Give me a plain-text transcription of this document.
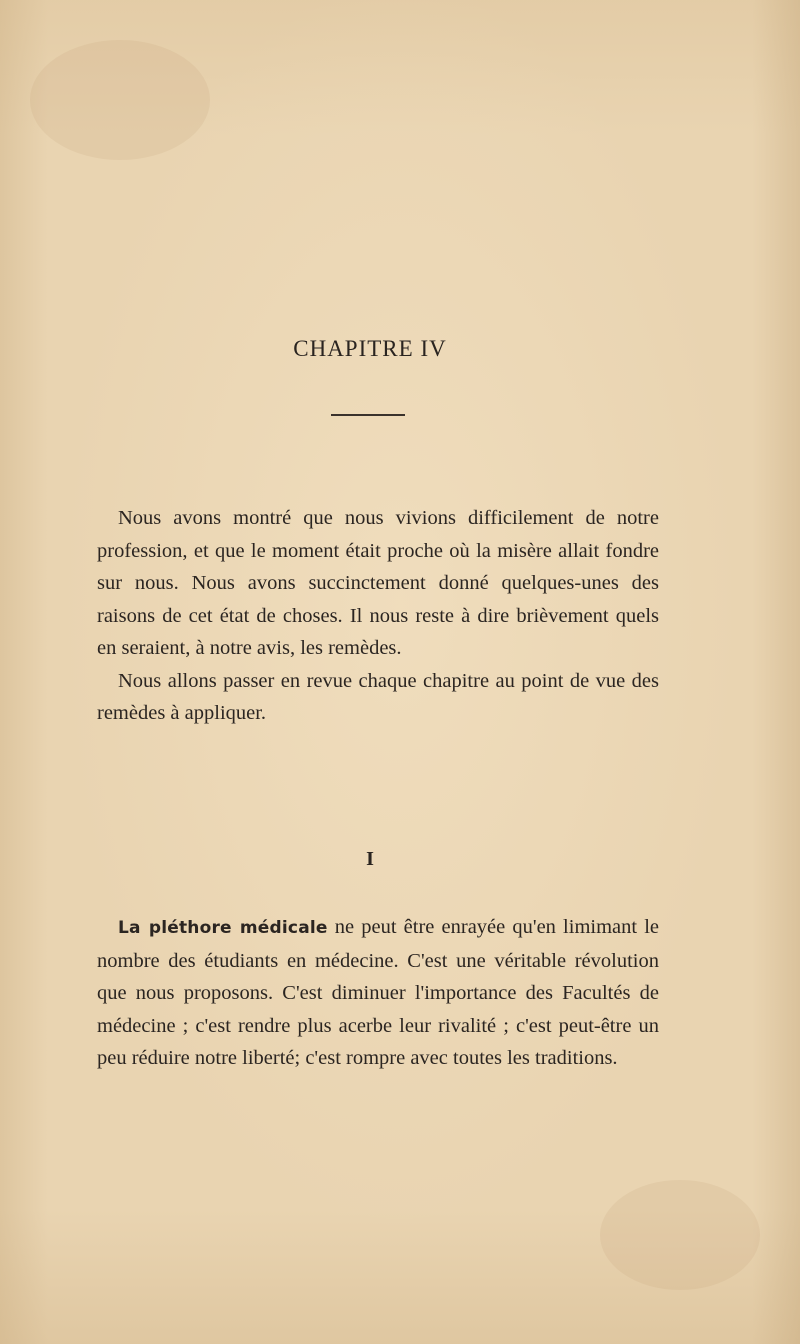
CHAPITRE IV

Nous avons montré que nous vivions difficilement de notre profession, et que le moment était proche où la misère allait fondre sur nous. Nous avons succinctement donné quelques-unes des raisons de cet état de choses. Il nous reste à dire brièvement quels en seraient, à notre avis, les remèdes.

Nous allons passer en revue chaque chapitre au point de vue des remèdes à appliquer.

I

La pléthore médicale ne peut être enrayée qu'en limimant le nombre des étudiants en médecine. C'est une véritable révolution que nous proposons. C'est diminuer l'importance des Facultés de médecine ; c'est rendre plus acerbe leur rivalité ; c'est peut-être un peu réduire notre liberté; c'est rompre avec toutes les traditions.
